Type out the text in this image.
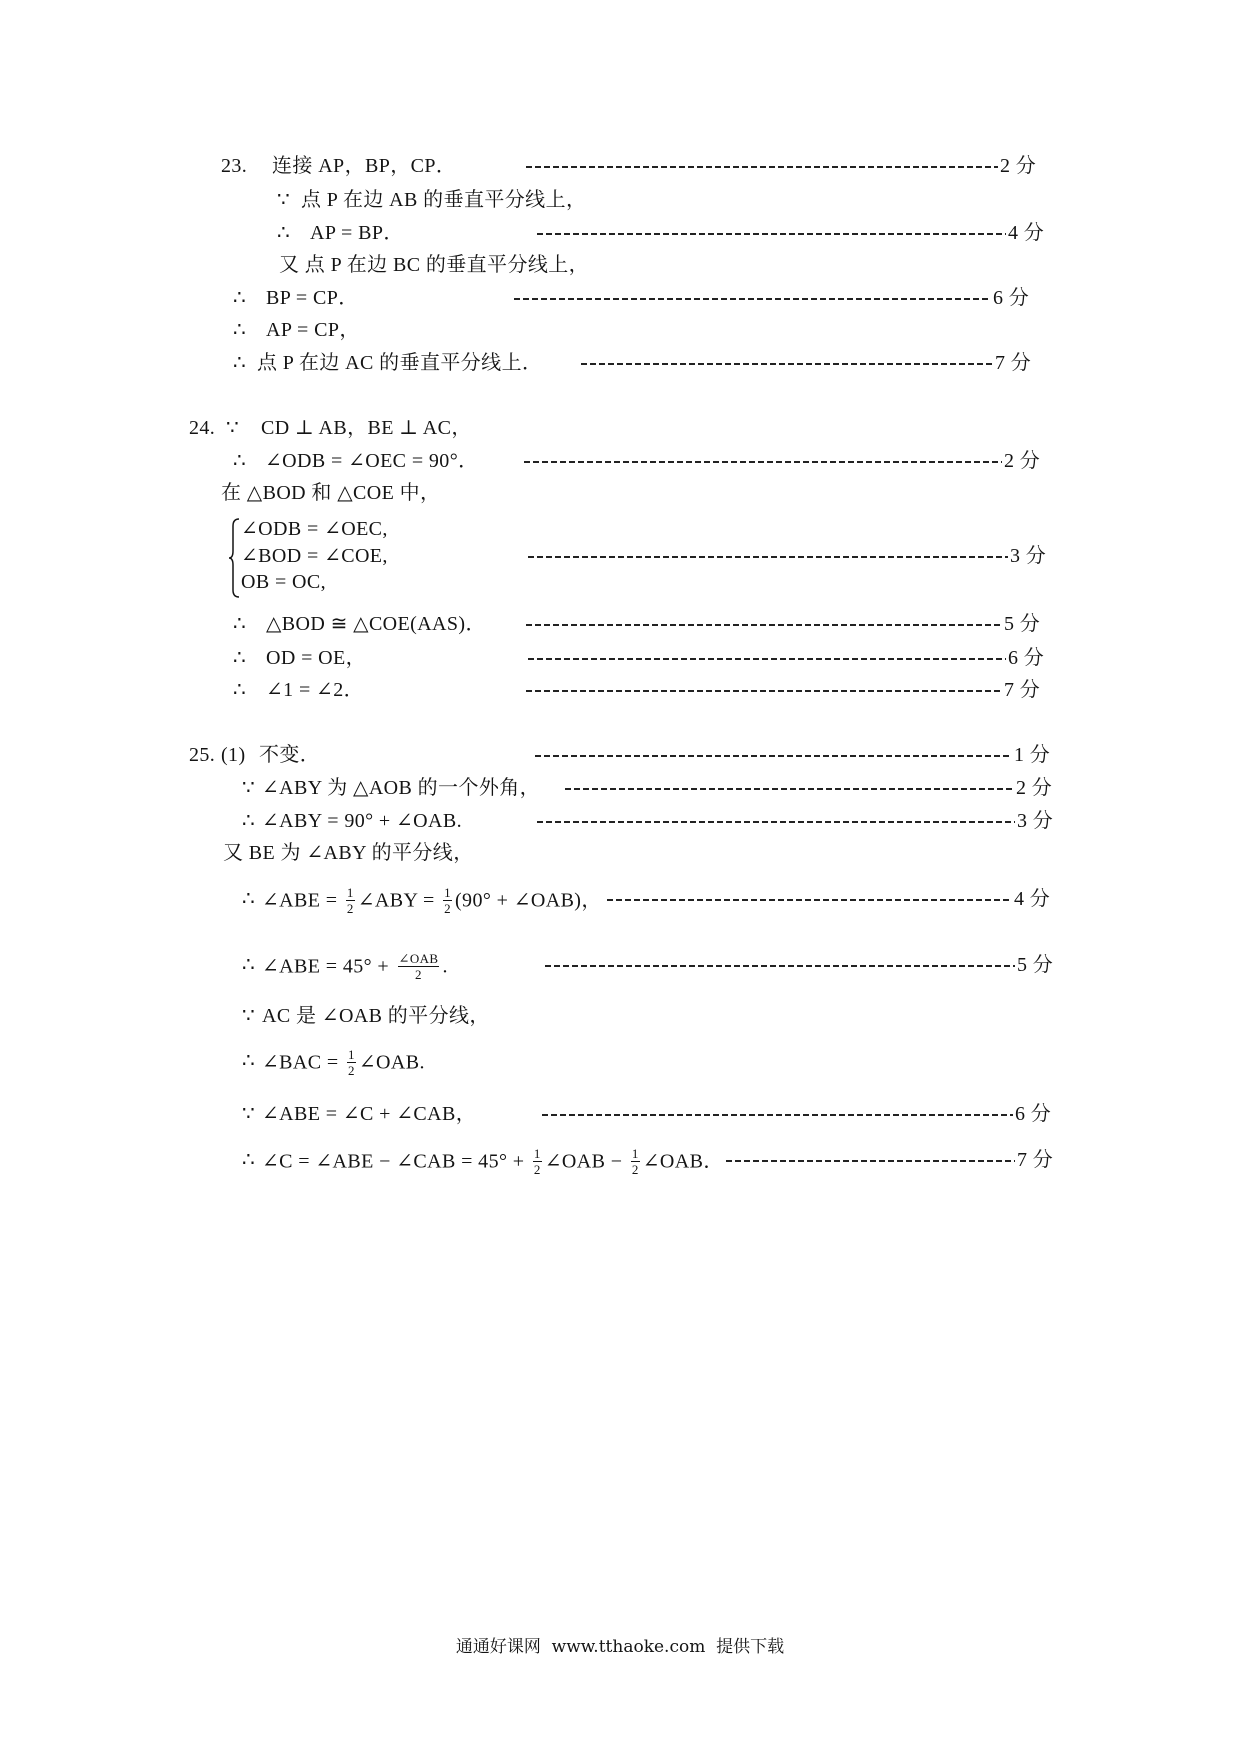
23. 连接 AP，BP，CP．	2 分
∵ 点 P 在边 AB 的垂直平分线上，
∴ AP = BP．	4 分
又 点 P 在边 BC 的垂直平分线上，
∴ BP = CP．	6 分
∴ AP = CP，
∴ 点 P 在边 AC 的垂直平分线上．	7 分
24. ∵ CD ⊥ AB，BE ⊥ AC，
∴ ∠ODB = ∠OEC = 90°．	2 分
在 △BOD 和 △COE 中，
∠ODB = ∠OEC,
∠BOD = ∠COE,	3 分
OB = OC,
∴ △BOD ≅ △COE(AAS)．	5 分
∴ OD = OE，	6 分
∴ ∠1 = ∠2．	7 分
25. (1) 不变．	1 分
∵ ∠ABY 为 △AOB 的一个外角，	2 分
∴ ∠ABY = 90° + ∠OAB.	3 分
又 BE 为 ∠ABY 的平分线，
∴ ∠ABE = $\frac{1}{2}$ ∠ABY = $\frac{1}{2} (90^\circ$ + ∠OAB)，	4 分
∴ ∠ABE = $45^\circ + \frac{\text{∠OAB}}{2}$ .	5 分
∵ AC 是 ∠OAB 的平分线，
∴ ∠BAC = $\frac{1}{2}$ ∠OAB.
∵ ∠ABE = ∠C + ∠CAB，	6 分
∴ ∠C = ∠ABE − ∠CAB = $45^\circ + \frac{1}{2}$ ∠OAB − $\frac{1}{2}$ ∠OAB．	7 分
通通好课网  www.tthaoke.com  提供下载
